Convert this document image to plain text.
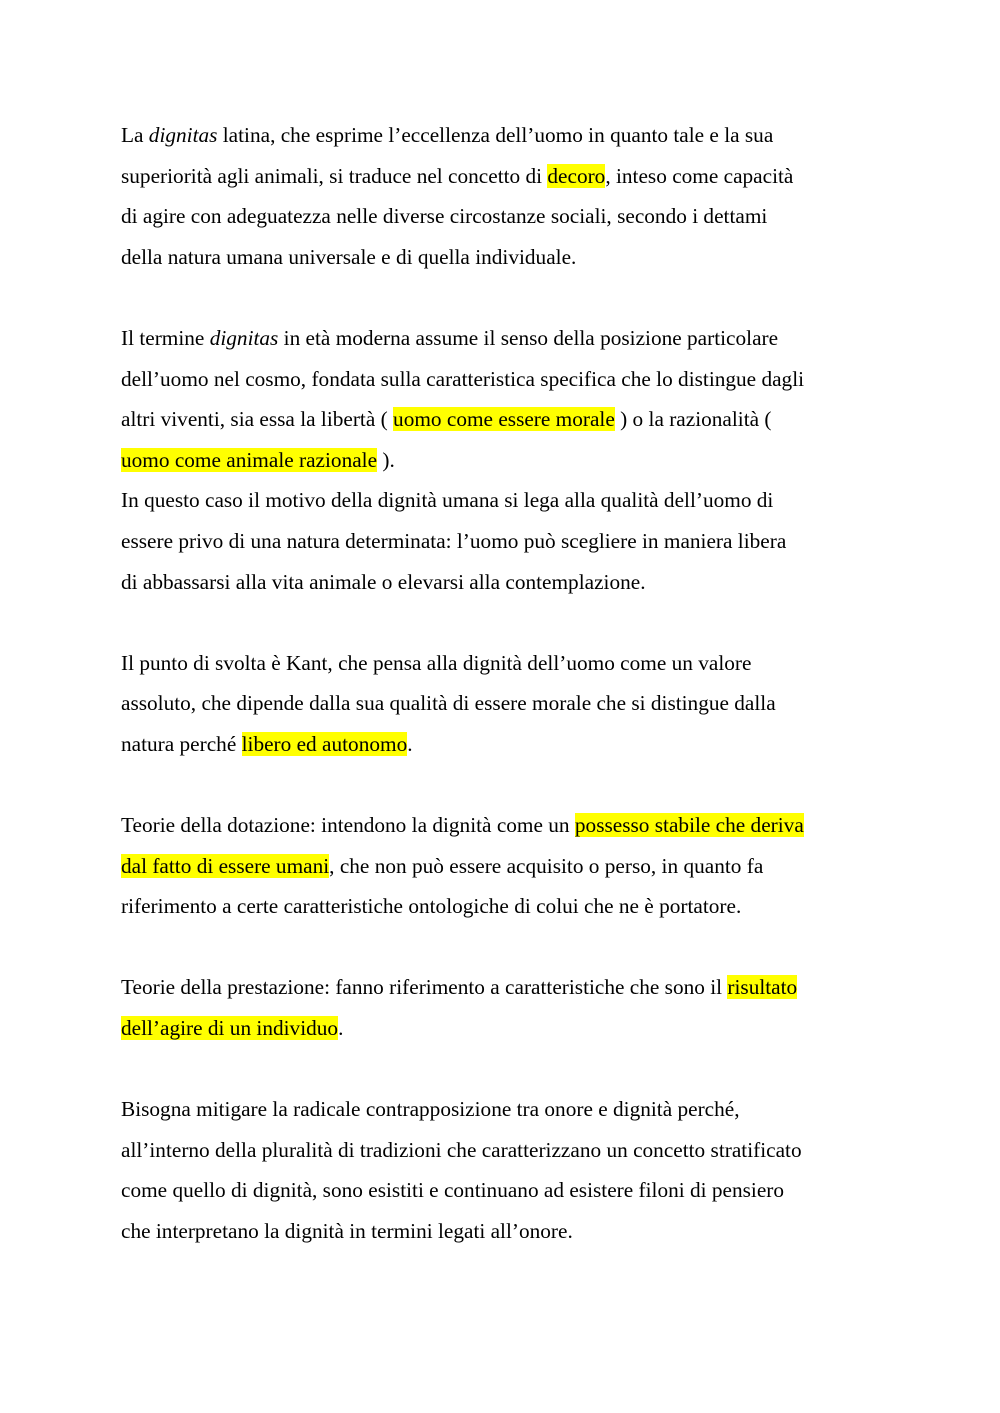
La dignitas latina, che esprime l’eccellenza dell’uomo in quanto tale e la sua
superiorità agli animali, si traduce nel concetto di decoro, inteso come capacità
di agire con adeguatezza nelle diverse circostanze sociali, secondo i dettami
della natura umana universale e di quella individuale.
Il termine dignitas in età moderna assume il senso della posizione particolare
dell’uomo nel cosmo, fondata sulla caratteristica specifica che lo distingue dagli
altri viventi, sia essa la libertà ( uomo come essere morale ) o la razionalità (
uomo come animale razionale ).
In questo caso il motivo della dignità umana si lega alla qualità dell’uomo di
essere privo di una natura determinata: l’uomo può scegliere in maniera libera
di abbassarsi alla vita animale o elevarsi alla contemplazione.
Il punto di svolta è Kant, che pensa alla dignità dell’uomo come un valore
assoluto, che dipende dalla sua qualità di essere morale che si distingue dalla
natura perché libero ed autonomo.
Teorie della dotazione: intendono la dignità come un possesso stabile che deriva
dal fatto di essere umani, che non può essere acquisito o perso, in quanto fa
riferimento a certe caratteristiche ontologiche di colui che ne è portatore.
Teorie della prestazione: fanno riferimento a caratteristiche che sono il risultato
dell’agire di un individuo.
Bisogna mitigare la radicale contrapposizione tra onore e dignità perché,
all’interno della pluralità di tradizioni che caratterizzano un concetto stratificato
come quello di dignità, sono esistiti e continuano ad esistere filoni di pensiero
che interpretano la dignità in termini legati all’onore.
